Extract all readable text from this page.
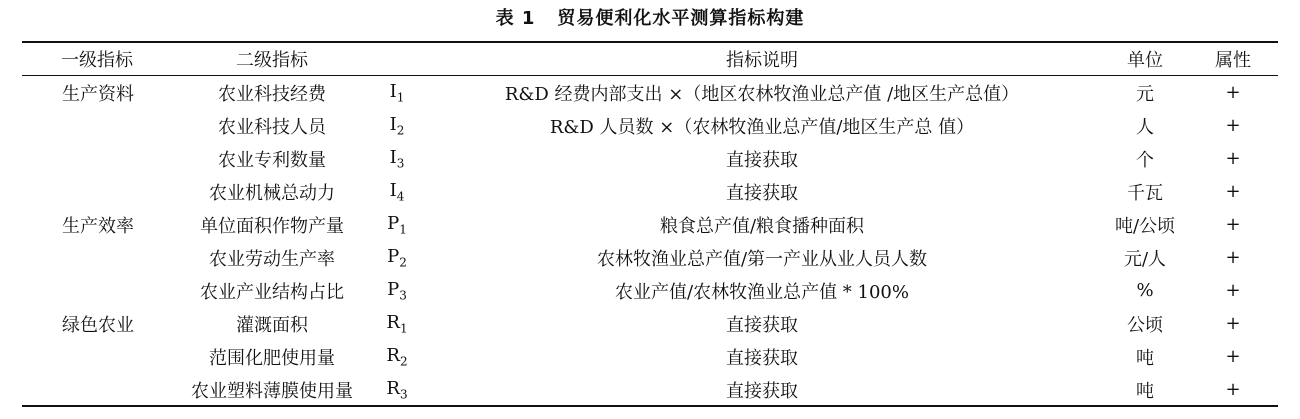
表 1 贸易便利化水平测算指标构建
一级指标	二级指标		指标说明	单位	属性
生产资料	农业科技经费	$I_1$	R&D 经费内部支出 ×（地区农林牧渔业总产值 /地区生产总值）	元	+
	农业科技人员	$I_2$	R&D 人员数 ×（农林牧渔业总产值/地区生产总 值）	人	+
	农业专利数量	$I_3$	直接获取	个	+
	农业机械总动力	$I_4$	直接获取	千瓦	+
生产效率	单位面积作物产量	$P_1$	粮食总产值/粮食播种面积	吨/公顷	+
	农业劳动生产率	$P_2$	农林牧渔业总产值/第一产业从业人员人数	元/人	+
	农业产业结构占比	$P_3$	农业产值/农林牧渔业总产值 * 100%	%	+
绿色农业	灌溉面积	$R_1$	直接获取	公顷	+
	范围化肥使用量	$R_2$	直接获取	吨	+
	农业塑料薄膜使用量	$R_3$	直接获取	吨	+
